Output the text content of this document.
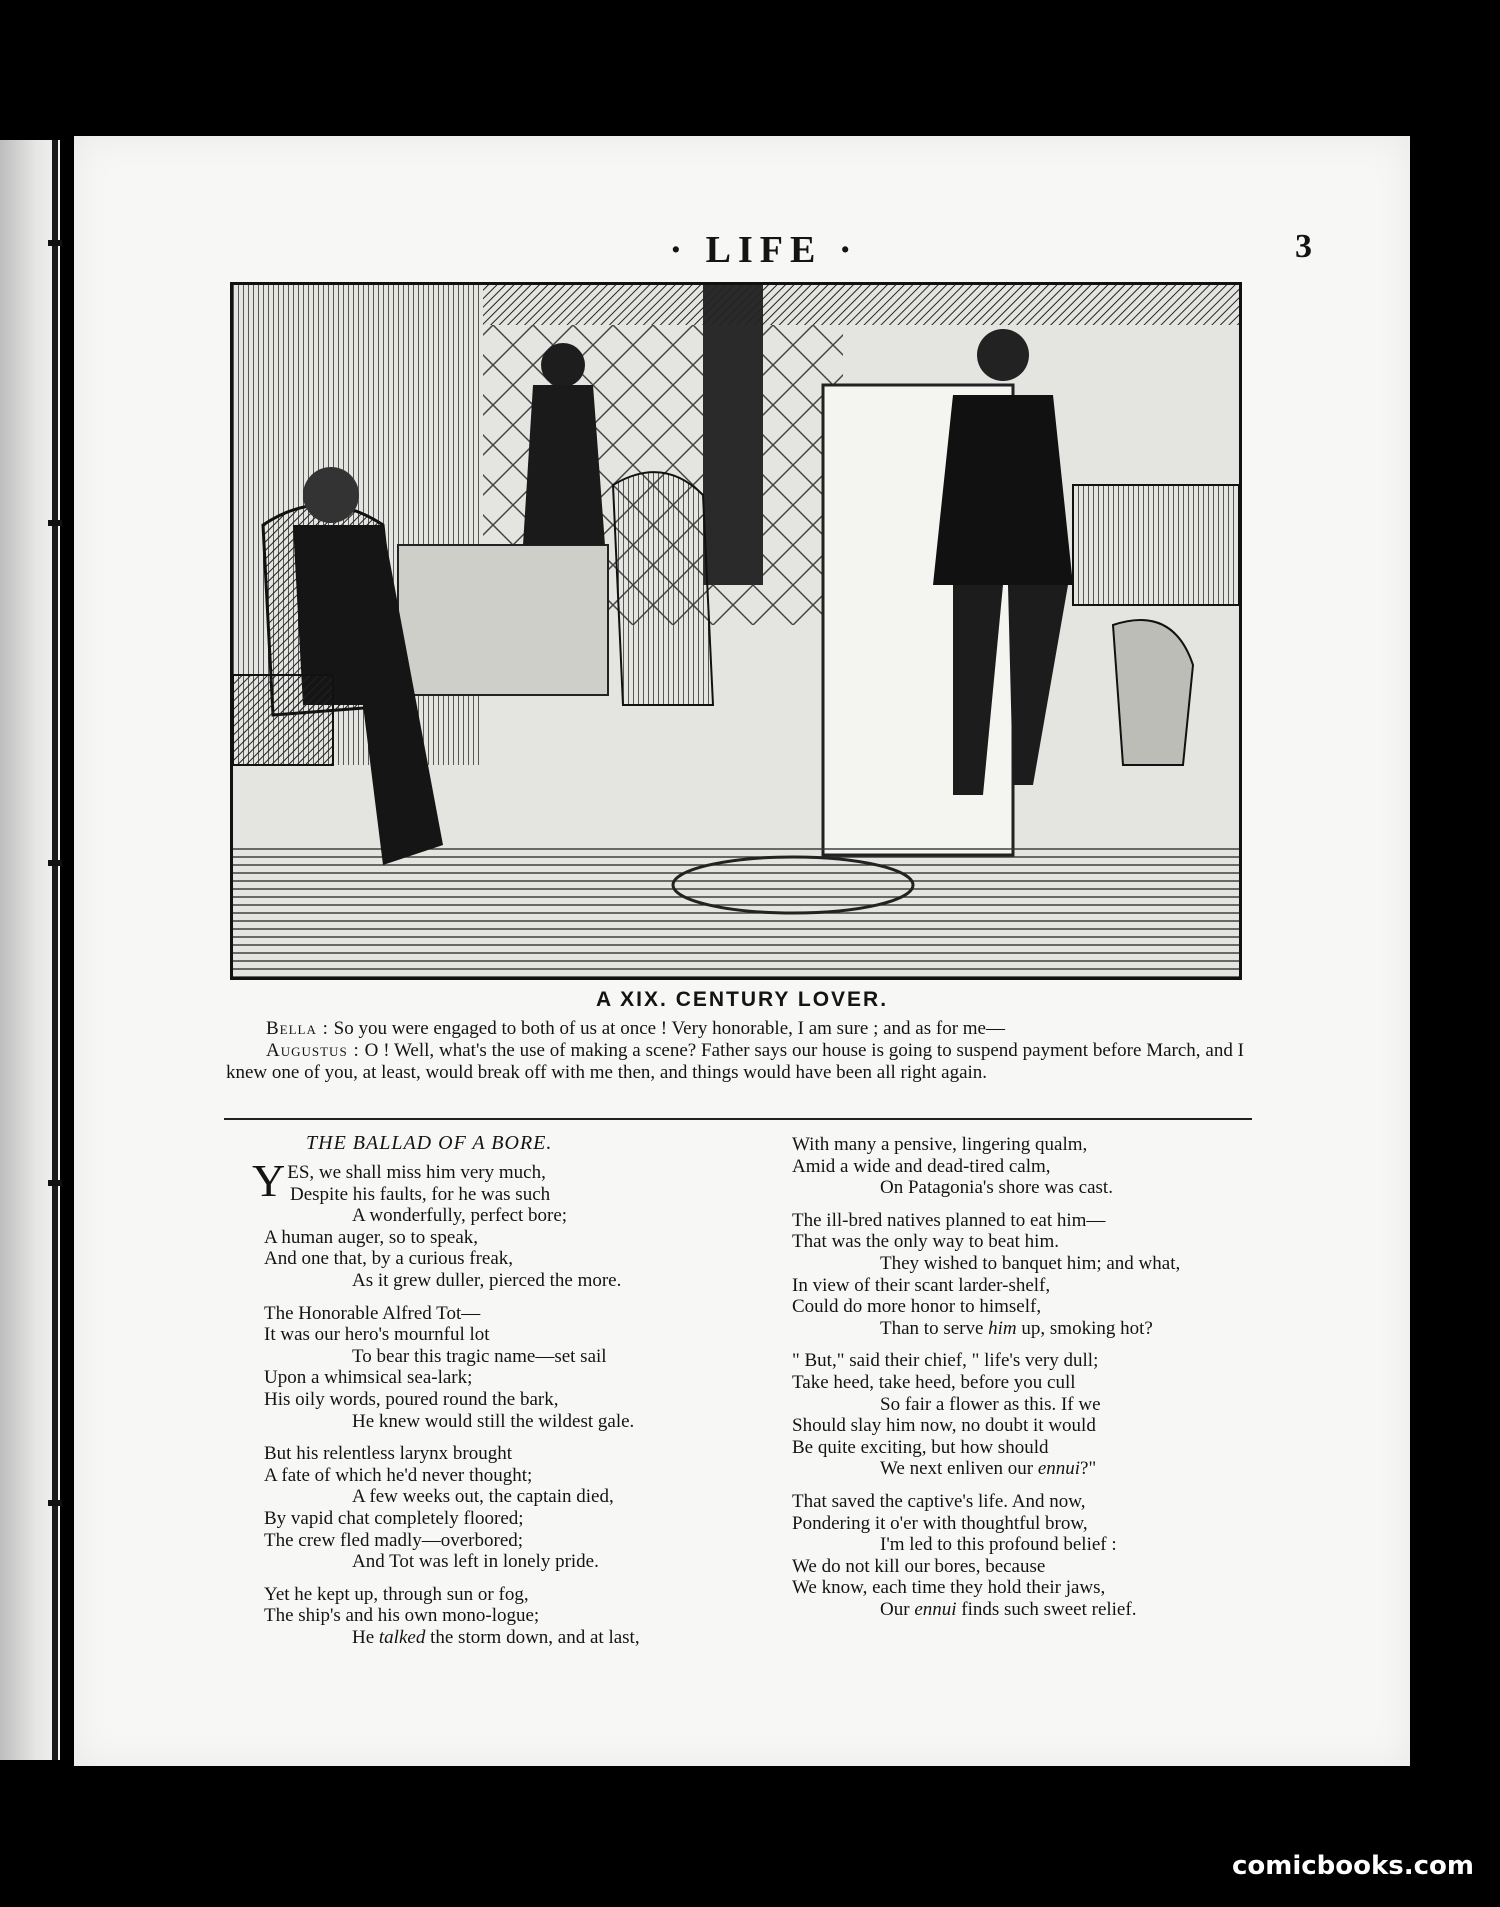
· LIFE ·	3
A XIX. CENTURY LOVER.

Bella : So you were engaged to both of us at once ! Very honorable, I am sure ; and as for me—

Augustus : O ! Well, what's the use of making a scene? Father says our house is going to suspend payment before March, and I knew one of you, at least, would break off with me then, and things would have been all right again.

THE BALLAD OF A BORE.
YES, we shall miss him very much,
Despite his faults, for he was such
A wonderfully, perfect bore;
A human auger, so to speak,
And one that, by a curious freak,
As it grew duller, pierced the more.
The Honorable Alfred Tot—
It was our hero's mournful lot
To bear this tragic name—set sail
Upon a whimsical sea-lark;
His oily words, poured round the bark,
He knew would still the wildest gale.
But his relentless larynx brought
A fate of which he'd never thought;
A few weeks out, the captain died,
By vapid chat completely floored;
The crew fled madly—overbored;
And Tot was left in lonely pride.
Yet he kept up, through sun or fog,
The ship's and his own mono-logue;
He talked the storm down, and at last,
With many a pensive, lingering qualm,
Amid a wide and dead-tired calm,
On Patagonia's shore was cast.
The ill-bred natives planned to eat him—
That was the only way to beat him.
They wished to banquet him; and what,
In view of their scant larder-shelf,
Could do more honor to himself,
Than to serve him up, smoking hot?
" But," said their chief, " life's very dull;
Take heed, take heed, before you cull
So fair a flower as this. If we
Should slay him now, no doubt it would
Be quite exciting, but how should
We next enliven our ennui?"
That saved the captive's life. And now,
Pondering it o'er with thoughtful brow,
I'm led to this profound belief :
We do not kill our bores, because
We know, each time they hold their jaws,
Our ennui finds such sweet relief.
comicbooks.com
